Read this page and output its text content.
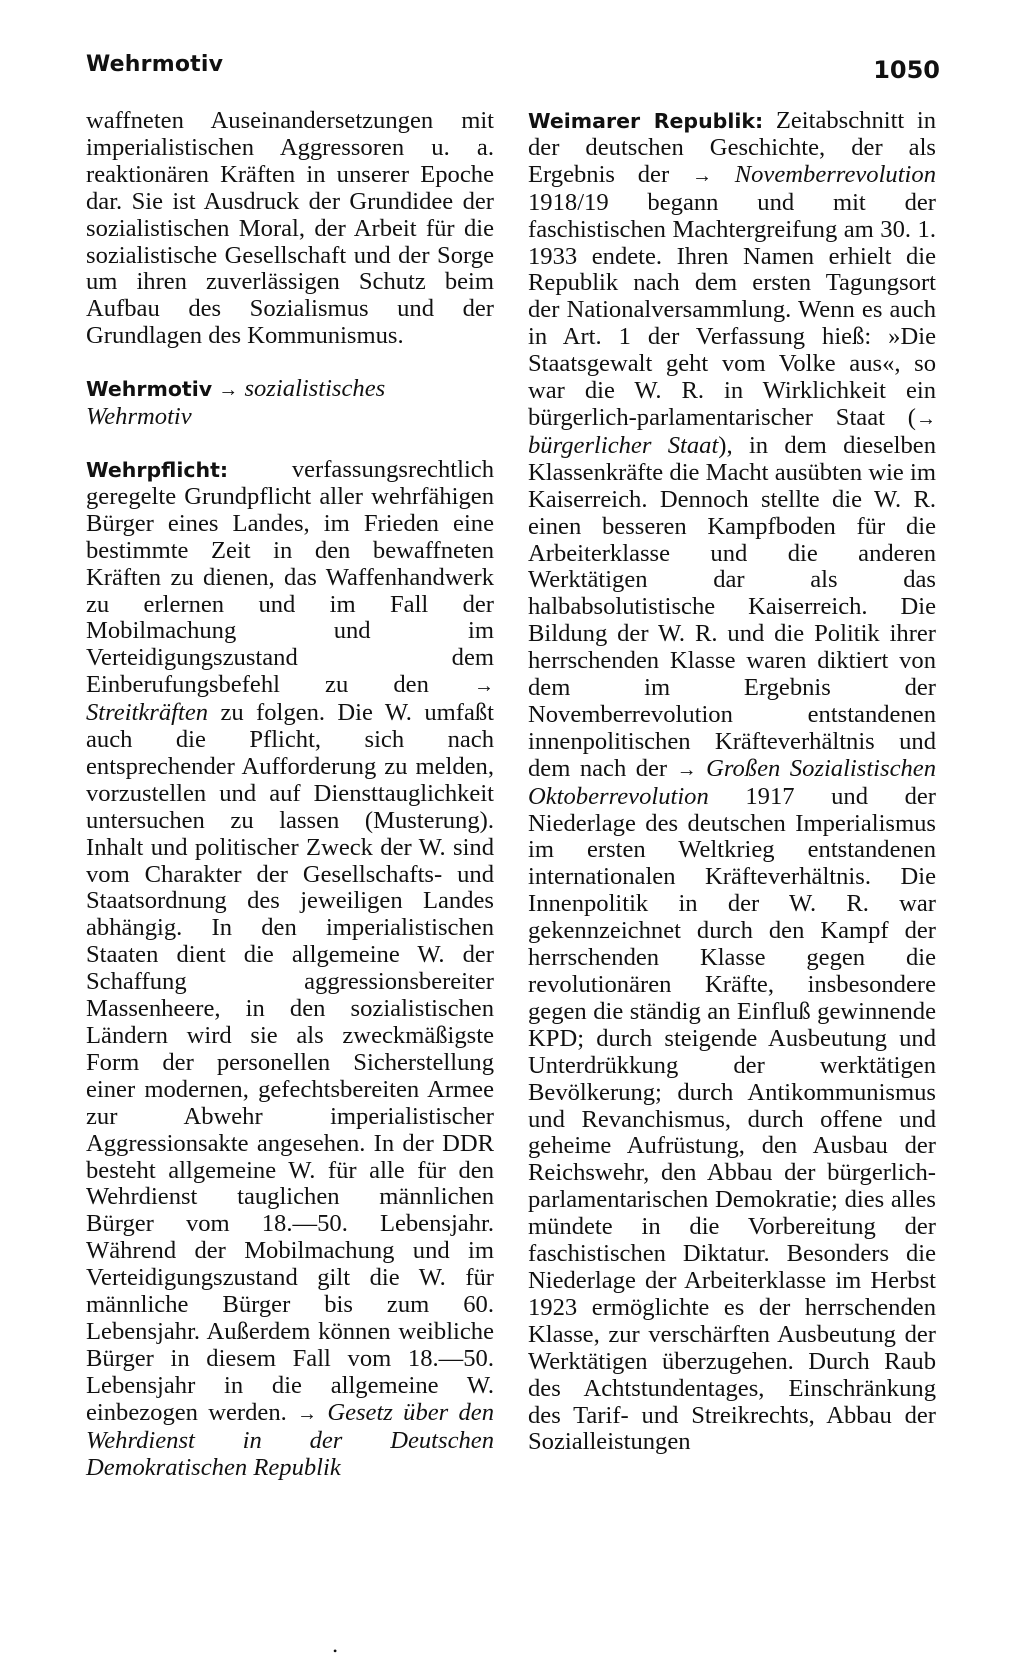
Wehrmotiv	1050

waffneten Auseinandersetzungen mit imperialistischen Aggressoren u. a. reaktionären Kräften in unserer Epoche dar. Sie ist Ausdruck der Grundidee der sozialistischen Moral, der Arbeit für die sozialistische Gesellschaft und der Sorge um ihren zuverlässigen Schutz beim Aufbau des Sozialismus und der Grundlagen des Kommunismus.

Wehrmotiv → sozialistisches Wehrmotiv

Wehrpflicht:	verfassungsrechtlich geregelte Grundpflicht aller wehrfähigen Bürger eines Landes, im Frieden eine bestimmte Zeit in den bewaffneten Kräften zu dienen, das Waffenhandwerk zu erlernen und im Fall der Mobilmachung und im Verteidigungszustand dem Einberufungsbefehl zu den → Streitkräften zu folgen. Die W. umfaßt auch die Pflicht, sich nach entsprechender Aufforderung zu melden, vorzustellen und auf Diensttauglichkeit untersuchen zu lassen (Musterung). Inhalt und politischer Zweck der W. sind vom Charakter der Gesellschafts- und Staatsordnung des jeweiligen Landes abhängig. In den imperialistischen Staaten dient die allgemeine W. der Schaffung aggressionsbereiter Massenheere, in den sozialistischen Ländern wird sie als zweckmäßigste Form der personellen Sicherstellung einer modernen, gefechtsbereiten Armee zur Abwehr imperialistischer Aggressionsakte angesehen. In der DDR besteht allgemeine W. für alle für den Wehrdienst tauglichen männlichen Bürger vom 18.—50. Lebensjahr. Während der Mobilmachung und im Verteidigungszustand gilt die W. für männliche Bürger bis zum 60. Lebensjahr. Außerdem können weibliche Bürger in diesem Fall vom 18.—50. Lebensjahr in die allgemeine W. einbezogen werden. → Gesetz über den Wehrdienst in der Deutschen Demokratischen Republik

Weimarer Republik: Zeitabschnitt in der deutschen Geschichte, der als Ergebnis der → Novemberrevolution 1918/19 begann und mit der faschistischen Machtergreifung am 30. 1. 1933 endete. Ihren Namen erhielt die Republik nach dem ersten Tagungsort der Nationalversammlung. Wenn es auch in Art. 1 der Verfassung hieß: »Die Staatsgewalt geht vom Volke aus«, so war die W. R. in Wirklichkeit ein bürgerlich-parlamentarischer Staat (→ bürgerlicher Staat), in dem dieselben Klassenkräfte die Macht ausübten wie im Kaiserreich. Dennoch stellte die W. R. einen besseren Kampfboden für die Arbeiterklasse und die anderen Werktätigen dar als das halbabsolutistische Kaiserreich. Die Bildung der W. R. und die Politik ihrer herrschenden Klasse waren diktiert von dem im Ergebnis der Novemberrevolution entstandenen innenpolitischen Kräfteverhältnis und dem nach der → Großen Sozialistischen Oktoberrevolution 1917 und der Niederlage des deutschen Imperialismus im ersten Weltkrieg entstandenen internationalen Kräfteverhältnis. Die Innenpolitik in der W. R. war gekennzeichnet durch den Kampf der herrschenden Klasse gegen die revolutionären Kräfte, insbesondere gegen die ständig an Einfluß gewinnende KPD; durch steigende Ausbeutung und Unterdrükkung der werktätigen Bevölkerung; durch Antikommunismus und Revanchismus, durch offene und geheime Aufrüstung, den Ausbau der Reichswehr, den Abbau der bürgerlich-parlamentarischen Demokratie; dies alles mündete in die Vorbereitung der faschistischen Diktatur. Besonders die Niederlage der Arbeiterklasse im Herbst 1923 ermöglichte es der herrschenden Klasse, zur verschärften Ausbeutung der Werktätigen überzugehen. Durch Raub des Achtstundentages, Einschränkung des Tarif- und Streikrechts, Abbau der Sozialleistungen

•
